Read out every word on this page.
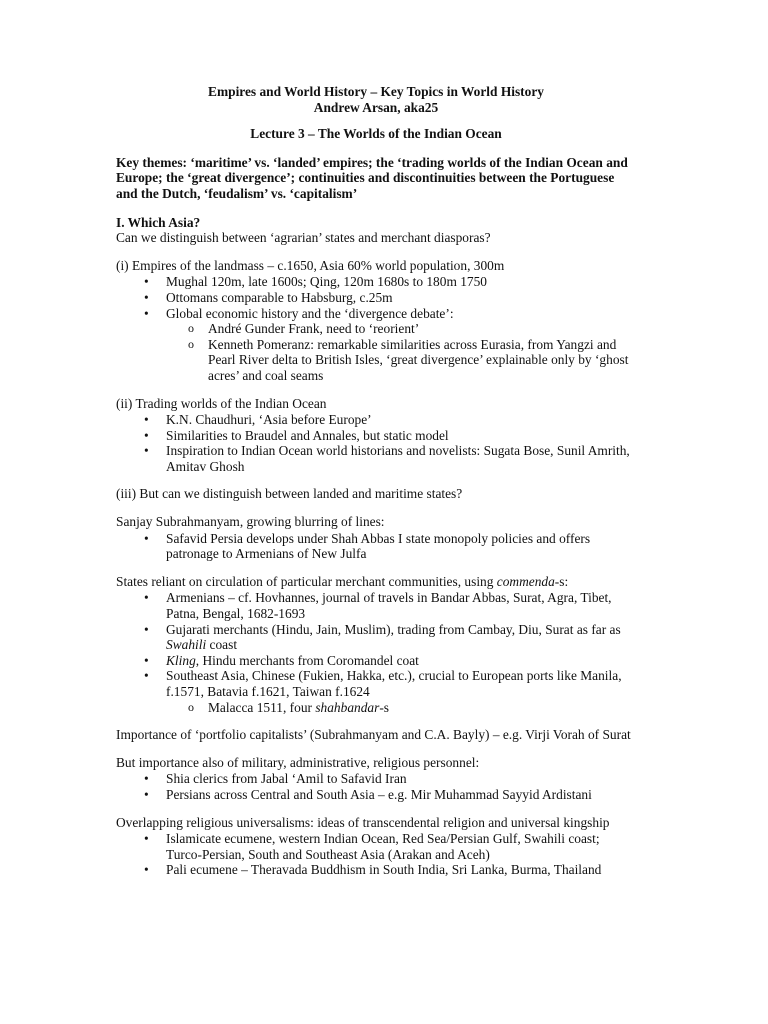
Empires and World History – Key Topics in World History
Andrew Arsan, aka25
Lecture 3 – The Worlds of the Indian Ocean

Key themes: ‘maritime’ vs. ‘landed’ empires; the ‘trading worlds of the Indian Ocean and Europe; the ‘great divergence’; continuities and discontinuities between the Portuguese and the Dutch, ‘feudalism’ vs. ‘capitalism’

I. Which Asia?

Can we distinguish between ‘agrarian’ states and merchant diasporas?

(i) Empires of the landmass – c.1650, Asia 60% world population, 300m

• Mughal 120m, late 1600s; Qing, 120m 1680s to 180m 1750
• Ottomans comparable to Habsburg, c.25m
• Global economic history and the ‘divergence debate’:
o André Gunder Frank, need to ‘reorient’
o Kenneth Pomeranz: remarkable similarities across Eurasia, from Yangzi and Pearl River delta to British Isles, ‘great divergence’ explainable only by ‘ghost acres’ and coal seams

(ii) Trading worlds of the Indian Ocean

• K.N. Chaudhuri, ‘Asia before Europe’
• Similarities to Braudel and Annales, but static model
• Inspiration to Indian Ocean world historians and novelists: Sugata Bose, Sunil Amrith, Amitav Ghosh

(iii) But can we distinguish between landed and maritime states?

Sanjay Subrahmanyam, growing blurring of lines:

• Safavid Persia develops under Shah Abbas I state monopoly policies and offers patronage to Armenians of New Julfa

States reliant on circulation of particular merchant communities, using commenda-s:

• Armenians – cf. Hovhannes, journal of travels in Bandar Abbas, Surat, Agra, Tibet, Patna, Bengal, 1682-1693
• Gujarati merchants (Hindu, Jain, Muslim), trading from Cambay, Diu, Surat as far as Swahili coast
• Kling, Hindu merchants from Coromandel coat
• Southeast Asia, Chinese (Fukien, Hakka, etc.), crucial to European ports like Manila, f.1571, Batavia f.1621, Taiwan f.1624
o Malacca 1511, four shahbandar-s

Importance of ‘portfolio capitalists’ (Subrahmanyam and C.A. Bayly) – e.g. Virji Vorah of Surat

But importance also of military, administrative, religious personnel:

• Shia clerics from Jabal ‘Amil to Safavid Iran
• Persians across Central and South Asia – e.g. Mir Muhammad Sayyid Ardistani

Overlapping religious universalisms: ideas of transcendental religion and universal kingship

• Islamicate ecumene, western Indian Ocean, Red Sea/Persian Gulf, Swahili coast; Turco-Persian, South and Southeast Asia (Arakan and Aceh)
• Pali ecumene – Theravada Buddhism in South India, Sri Lanka, Burma, Thailand
